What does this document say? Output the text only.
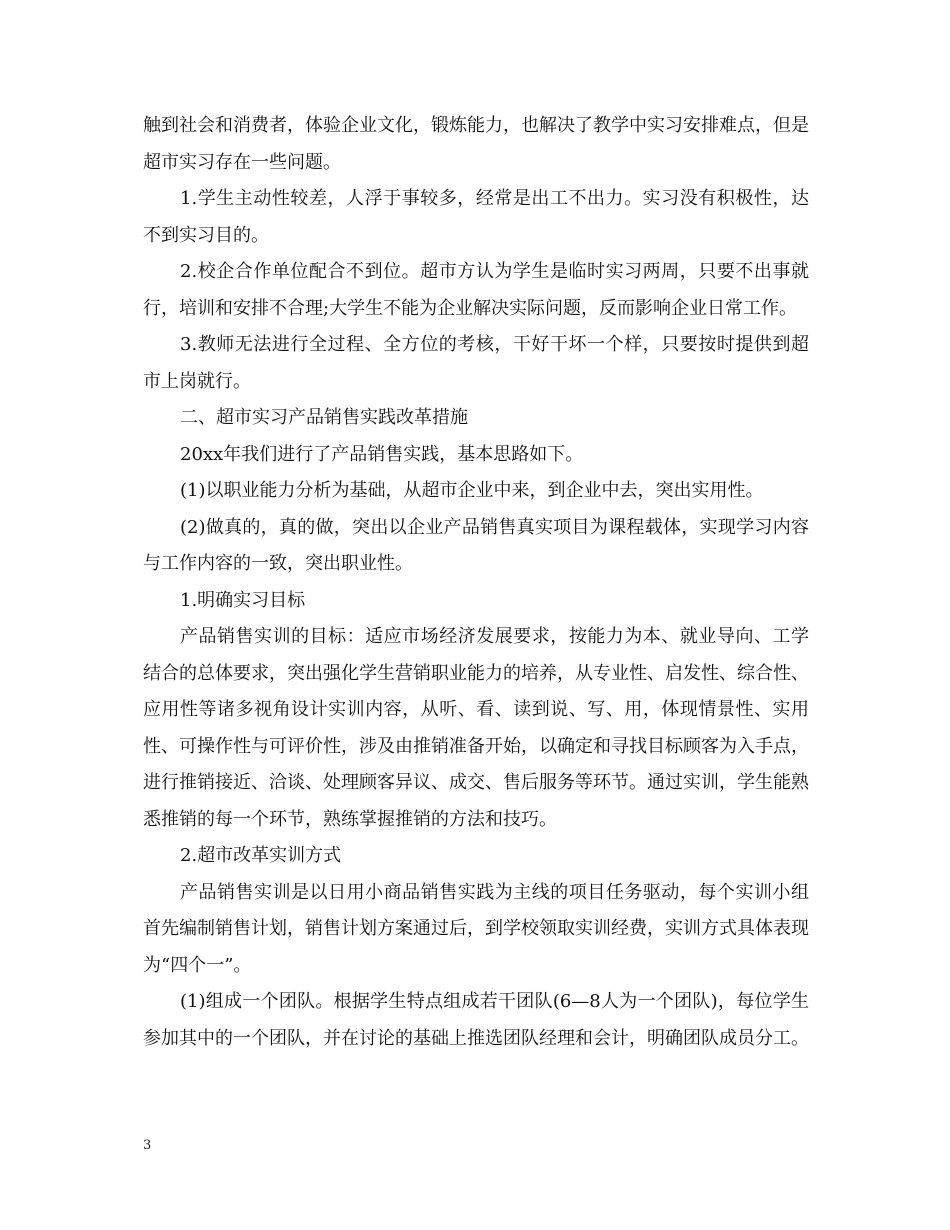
触到社会和消费者，体验企业文化，锻炼能力，也解决了教学中实习安排难点，但是超市实习存在一些问题。

1.学生主动性较差，人浮于事较多，经常是出工不出力。实习没有积极性，达不到实习目的。

2.校企合作单位配合不到位。超市方认为学生是临时实习两周，只要不出事就行，培训和安排不合理;大学生不能为企业解决实际问题，反而影响企业日常工作。

3.教师无法进行全过程、全方位的考核，干好干坏一个样，只要按时提供到超市上岗就行。

二、超市实习产品销售实践改革措施

20xx年我们进行了产品销售实践，基本思路如下。

(1)以职业能力分析为基础，从超市企业中来，到企业中去，突出实用性。

(2)做真的，真的做，突出以企业产品销售真实项目为课程载体，实现学习内容与工作内容的一致，突出职业性。

1.明确实习目标

产品销售实训的目标：适应市场经济发展要求，按能力为本、就业导向、工学结合的总体要求，突出强化学生营销职业能力的培养，从专业性、启发性、综合性、应用性等诸多视角设计实训内容，从听、看、读到说、写、用，体现情景性、实用性、可操作性与可评价性，涉及由推销准备开始，以确定和寻找目标顾客为入手点，进行推销接近、洽谈、处理顾客异议、成交、售后服务等环节。通过实训，学生能熟悉推销的每一个环节，熟练掌握推销的方法和技巧。

2.超市改革实训方式

产品销售实训是以日用小商品销售实践为主线的项目任务驱动，每个实训小组首先编制销售计划，销售计划方案通过后，到学校领取实训经费，实训方式具体表现为“四个一”。

(1)组成一个团队。根据学生特点组成若干团队(6—8人为一个团队)，每位学生参加其中的一个团队，并在讨论的基础上推选团队经理和会计，明确团队成员分工。

3
